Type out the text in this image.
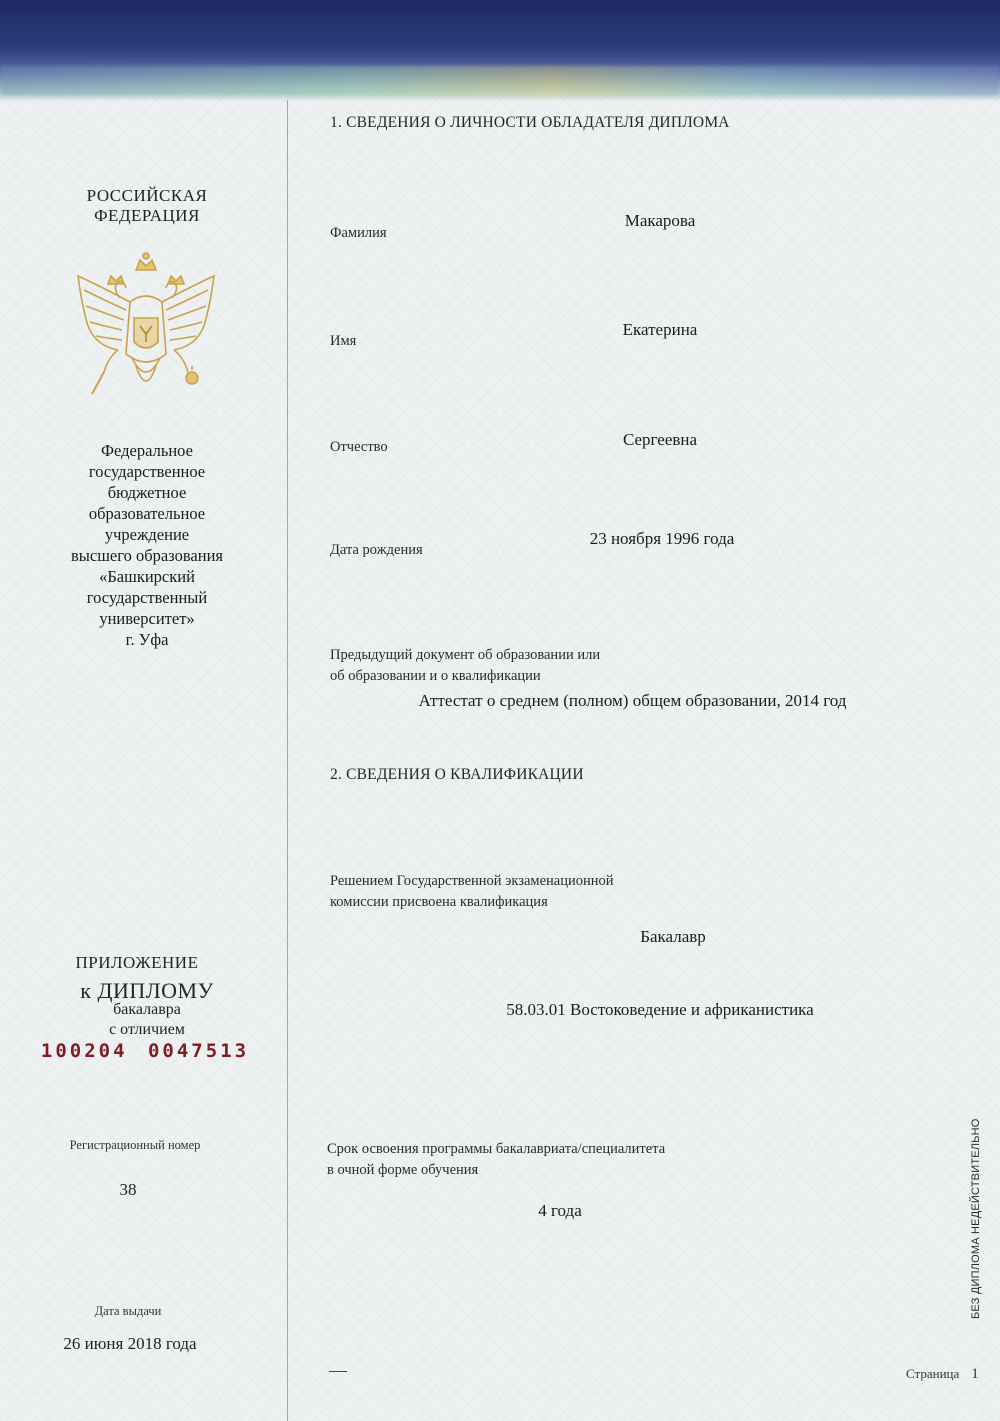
РОССИЙСКАЯ
ФЕДЕРАЦИЯ
Федеральное
государственное
бюджетное
образовательное
учреждение
высшего образования
«Башкирский
государственный
университет»
г. Уфа
ПРИЛОЖЕНИЕ
к ДИПЛОМУ
бакалавра
с отличием
100204 0047513
Регистрационный номер
38
Дата выдачи
26 июня 2018 года
1. СВЕДЕНИЯ О ЛИЧНОСТИ ОБЛАДАТЕЛЯ ДИПЛОМА
Фамилия
Макарова
Имя
Екатерина
Отчество	Сергеевна
Дата рождения
23 ноября 1996 года
Предыдущий документ об образовании или
об образовании и о квалификации
Аттестат о среднем (полном) общем образовании, 2014 год
2. СВЕДЕНИЯ О КВАЛИФИКАЦИИ
Решением Государственной экзаменационной
комиссии присвоена квалификация
Бакалавр
58.03.01 Востоковедение и африканистика
Срок освоения программы бакалавриата/специалитета
в очной форме обучения
4 года	БЕЗ ДИПЛОМА НЕДЕЙСТВИТЕЛЬНО
Страница 1
